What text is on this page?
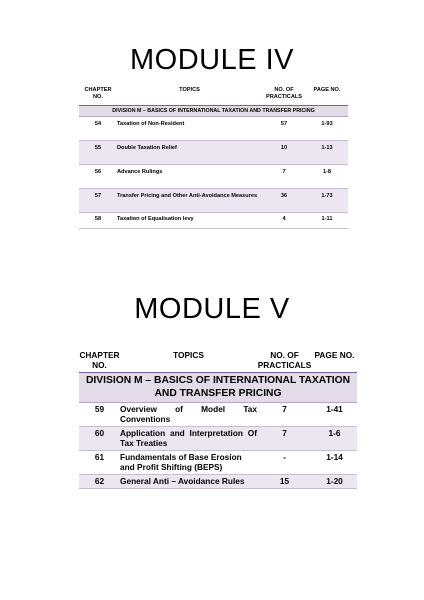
MODULE IV
CHAPTER NO.	TOPICS	NO. OF PRACTICALS	PAGE NO.
DIVISION M – BASICS OF INTERNATIONAL TAXATION AND TRANSFER PRICING			
54	Taxation of Non-Resident	57	1-93
55	Double Taxation Relief	10	1-13
56	Advance Rulings	7	1-8
57	Transfer Pricing and Other Anti-Avoidance Measures	36	1-73
58	Taxation of Equalisation levy	4	1-11
MODULE V
CHAPTER NO.	TOPICS	NO. OF PRACTICALS	PAGE NO.
DIVISION M – BASICS OF INTERNATIONAL TAXATION AND TRANSFER PRICING			
59	Overview of Model Tax Conventions	7	1-41
60	Application and Interpretation Of Tax Treaties	7	1-6
61	Fundamentals of Base Erosion and Profit Shifting (BEPS)	-	1-14
62	General Anti – Avoidance Rules	15	1-20
